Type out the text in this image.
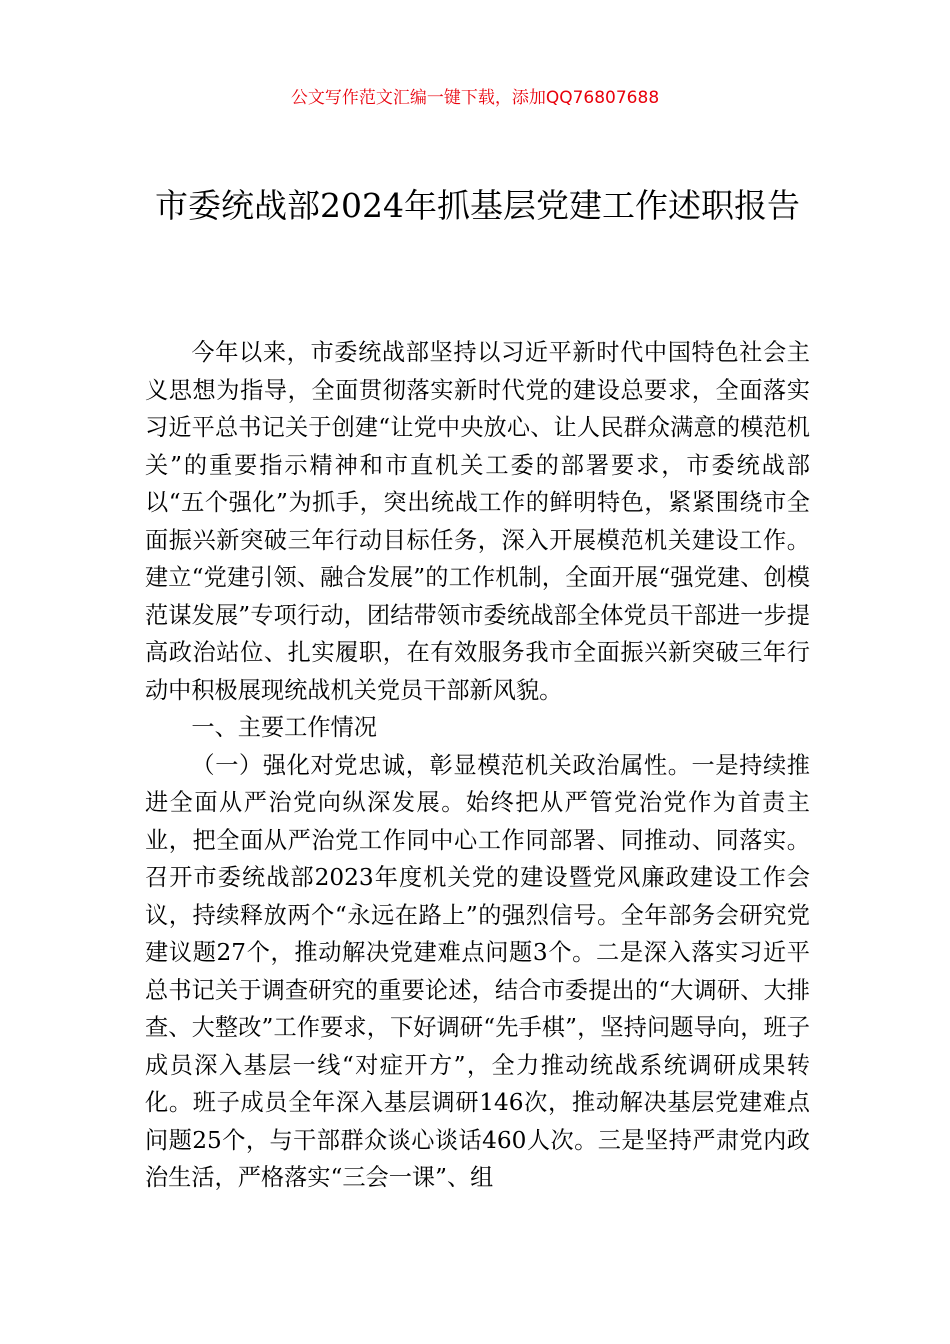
公文写作范文汇编一键下载，添加QQ76807688
市委统战部2024年抓基层党建工作述职报告

今年以来，市委统战部坚持以习近平新时代中国特色社会主义思想为指导，全面贯彻落实新时代党的建设总要求，全面落实习近平总书记关于创建“让党中央放心、让人民群众满意的模范机关”的重要指示精神和市直机关工委的部署要求，市委统战部以“五个强化”为抓手，突出统战工作的鲜明特色，紧紧围绕市全面振兴新突破三年行动目标任务，深入开展模范机关建设工作。建立“党建引领、融合发展”的工作机制，全面开展“强党建、创模范谋发展”专项行动，团结带领市委统战部全体党员干部进一步提高政治站位、扎实履职，在有效服务我市全面振兴新突破三年行动中积极展现统战机关党员干部新风貌。

一、主要工作情况

（一）强化对党忠诚，彰显模范机关政治属性。一是持续推进全面从严治党向纵深发展。始终把从严管党治党作为首责主业，把全面从严治党工作同中心工作同部署、同推动、同落实。召开市委统战部2023年度机关党的建设暨党风廉政建设工作会议，持续释放两个“永远在路上”的强烈信号。全年部务会研究党建议题27个，推动解决党建难点问题3个。二是深入落实习近平总书记关于调查研究的重要论述，结合市委提出的“大调研、大排查、大整改”工作要求，下好调研“先手棋”，坚持问题导向，班子成员深入基层一线“对症开方”，全力推动统战系统调研成果转化。班子成员全年深入基层调研146次，推动解决基层党建难点问题25个，与干部群众谈心谈话460人次。三是坚持严肃党内政治生活，严格落实“三会一课”、组
